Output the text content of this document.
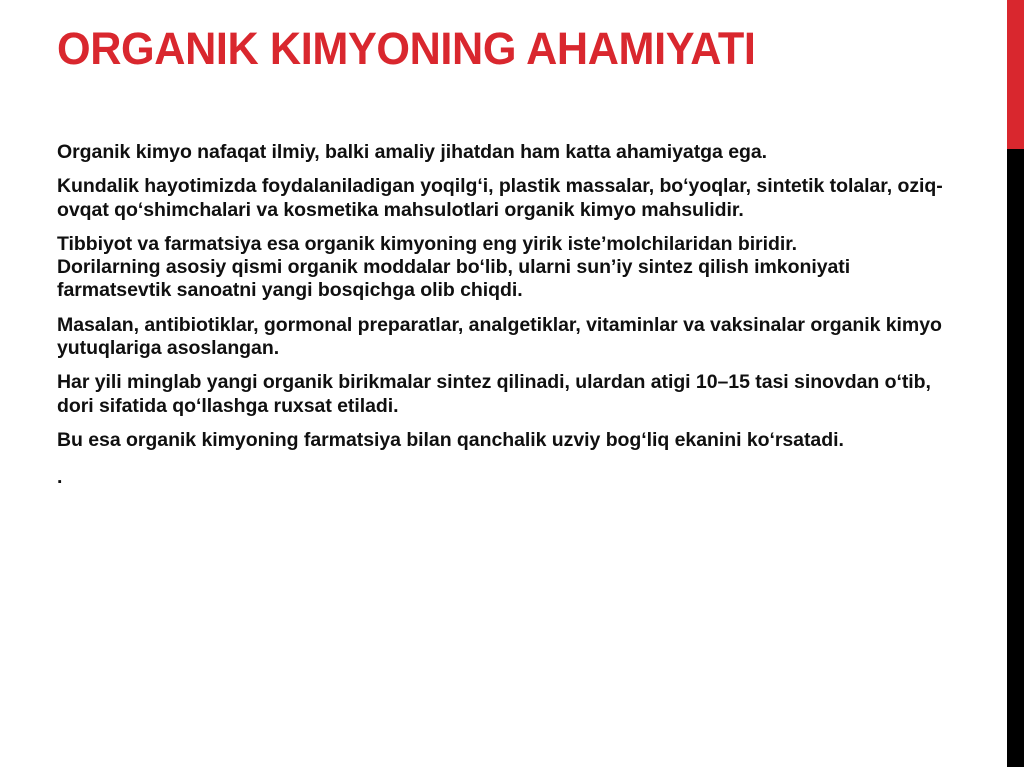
ORGANIK KIMYONING AHAMIYATI

Organik kimyo nafaqat ilmiy, balki amaliy jihatdan ham katta ahamiyatga ega.

Kundalik hayotimizda foydalaniladigan yoqilg‘i, plastik massalar, bo‘yoqlar, sintetik tolalar, oziq-ovqat qo‘shimchalari va kosmetika mahsulotlari organik kimyo mahsulidir.

Tibbiyot va farmatsiya esa organik kimyoning eng yirik iste’molchilaridan biridir.

Dorilarning asosiy qismi organik moddalar bo‘lib, ularni sun’iy sintez qilish imkoniyati farmatsevtik sanoatni yangi bosqichga olib chiqdi.

Masalan, antibiotiklar, gormonal preparatlar, analgetiklar, vitaminlar va vaksinalar organik kimyo yutuqlariga asoslangan.

Har yili minglab yangi organik birikmalar sintez qilinadi, ulardan atigi 10–15 tasi sinovdan o‘tib, dori sifatida qo‘llashga ruxsat etiladi.

Bu esa organik kimyoning farmatsiya bilan qanchalik uzviy bog‘liq ekanini ko‘rsatadi.

.
